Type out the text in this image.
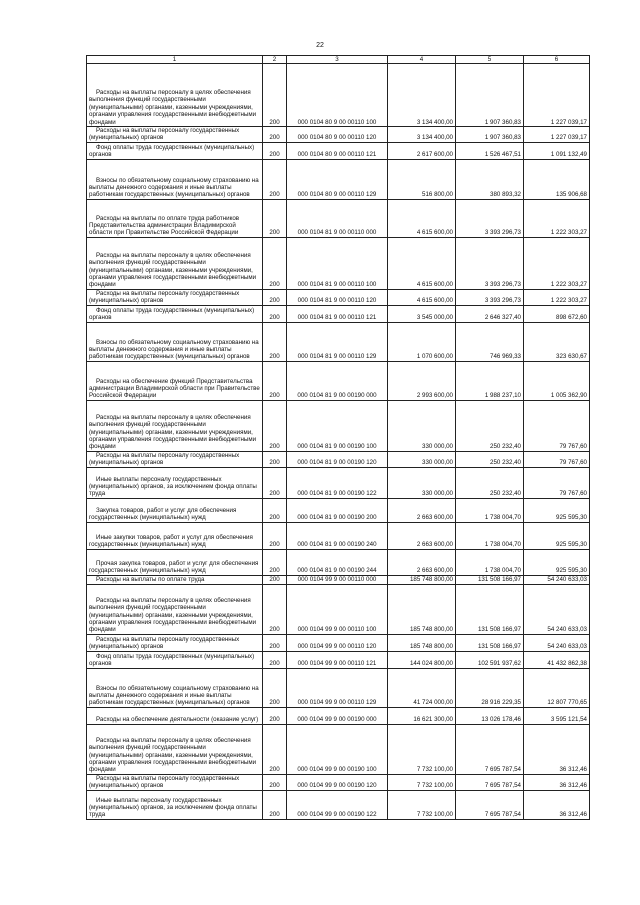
22
1	2	3	4	5	6

Расходы на выплаты персоналу в целях обеспечения выполнения функций государственными (муниципальными) органами, казенными учреждениями, органами управления государственными внебюджетными фондами	200	000 0104 80 9 00 00110 100	3 134 400,00	1 907 360,83	1 227 039,17

Расходы на выплаты персоналу государственных (муниципальных) органов	200	000 0104 80 9 00 00110 120	3 134 400,00	1 907 360,83	1 227 039,17

Фонд оплаты труда государственных (муниципальных) органов	200	000 0104 80 9 00 00110 121	2 617 600,00	1 526 467,51	1 091 132,49

Взносы по обязательному социальному страхованию на выплаты денежного содержания и иные выплаты работникам государственных (муниципальных) органов	200	000 0104 80 9 00 00110 129	516 800,00	380 893,32	135 906,68

Расходы на выплаты по оплате труда работников Представительства администрации Владимирской области при Правительстве Российской Федерации	200	000 0104 81 9 00 00110 000	4 615 600,00	3 393 296,73	1 222 303,27

Расходы на выплаты персоналу в целях обеспечения выполнения функций государственными (муниципальными) органами, казенными учреждениями, органами управления государственными внебюджетными фондами	200	000 0104 81 9 00 00110 100	4 615 600,00	3 393 296,73	1 222 303,27

Расходы на выплаты персоналу государственных (муниципальных) органов	200	000 0104 81 9 00 00110 120	4 615 600,00	3 393 296,73	1 222 303,27

Фонд оплаты труда государственных (муниципальных) органов	200	000 0104 81 9 00 00110 121	3 545 000,00	2 646 327,40	898 672,60

Взносы по обязательному социальному страхованию на выплаты денежного содержания и иные выплаты работникам государственных (муниципальных) органов	200	000 0104 81 9 00 00110 129	1 070 600,00	746 969,33	323 630,67

Расходы на обеспечение функций Представительства администрации Владимирской области при Правительстве Российской Федерации	200	000 0104 81 9 00 00190 000	2 993 600,00	1 988 237,10	1 005 362,90

Расходы на выплаты персоналу в целях обеспечения выполнения функций государственными (муниципальными) органами, казенными учреждениями, органами управления государственными внебюджетными фондами	200	000 0104 81 9 00 00190 100	330 000,00	250 232,40	79 767,60

Расходы на выплаты персоналу государственных (муниципальных) органов	200	000 0104 81 9 00 00190 120	330 000,00	250 232,40	79 767,60

Иные выплаты персоналу государственных (муниципальных) органов, за исключением фонда оплаты труда	200	000 0104 81 9 00 00190 122	330 000,00	250 232,40	79 767,60

Закупка товаров, работ и услуг для обеспечения государственных (муниципальных) нужд	200	000 0104 81 9 00 00190 200	2 663 600,00	1 738 004,70	925 595,30

Иные закупки товаров, работ и услуг для обеспечения государственных (муниципальных) нужд	200	000 0104 81 9 00 00190 240	2 663 600,00	1 738 004,70	925 595,30

Прочая закупка товаров, работ и услуг для обеспечения государственных (муниципальных) нужд	200	000 0104 81 9 00 00190 244	2 663 600,00	1 738 004,70	925 595,30

Расходы на выплаты по оплате труда	200	000 0104 99 9 00 00110 000	185 748 800,00	131 508 166,97	54 240 633,03

Расходы на выплаты персоналу в целях обеспечения выполнения функций государственными (муниципальными) органами, казенными учреждениями, органами управления государственными внебюджетными фондами	200	000 0104 99 9 00 00110 100	185 748 800,00	131 508 166,97	54 240 633,03

Расходы на выплаты персоналу государственных (муниципальных) органов	200	000 0104 99 9 00 00110 120	185 748 800,00	131 508 166,97	54 240 633,03

Фонд оплаты труда государственных (муниципальных) органов	200	000 0104 99 9 00 00110 121	144 024 800,00	102 591 937,62	41 432 862,38

Взносы по обязательному социальному страхованию на выплаты денежного содержания и иные выплаты работникам государственных (муниципальных) органов	200	000 0104 99 9 00 00110 129	41 724 000,00	28 916 229,35	12 807 770,65

Расходы на обеспечение деятельности (оказание услуг)	200	000 0104 99 9 00 00190 000	16 621 300,00	13 026 178,46	3 595 121,54

Расходы на выплаты персоналу в целях обеспечения выполнения функций государственными (муниципальными) органами, казенными учреждениями, органами управления государственными внебюджетными фондами	200	000 0104 99 9 00 00190 100	7 732 100,00	7 695 787,54	36 312,46

Расходы на выплаты персоналу государственных (муниципальных) органов	200	000 0104 99 9 00 00190 120	7 732 100,00	7 695 787,54	36 312,46

Иные выплаты персоналу государственных (муниципальных) органов, за исключением фонда оплаты труда	200	000 0104 99 9 00 00190 122	7 732 100,00	7 695 787,54	36 312,46
